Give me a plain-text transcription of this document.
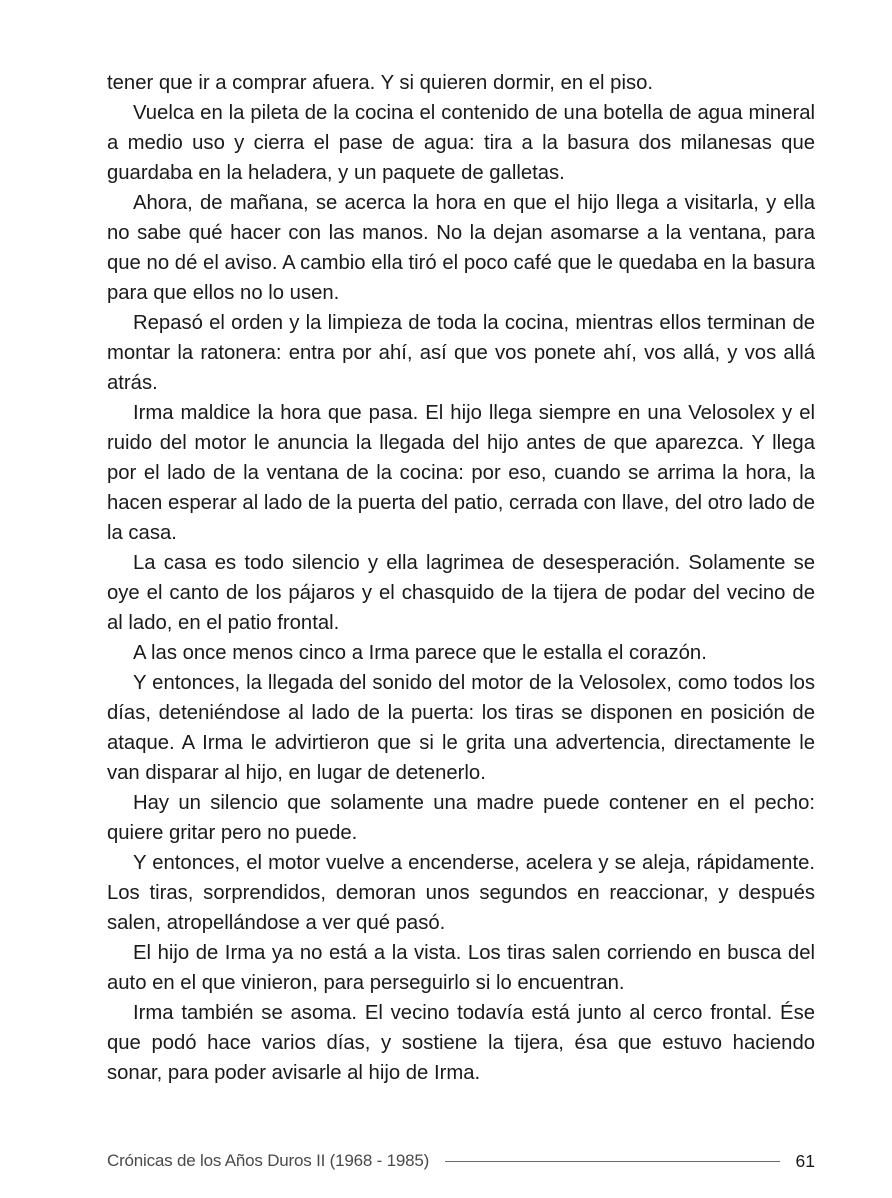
tener que ir a comprar afuera. Y si quieren dormir, en el piso.

Vuelca en la pileta de la cocina el contenido de una botella de agua mineral a medio uso y cierra el pase de agua: tira a la basura dos milanesas que guardaba en la heladera, y un paquete de galletas.

Ahora, de mañana, se acerca la hora en que el hijo llega a visitarla, y ella no sabe qué hacer con las manos. No la dejan asomarse a la ventana, para que no dé el aviso. A cambio ella tiró el poco café que le quedaba en la basura para que ellos no lo usen.

Repasó el orden y la limpieza de toda la cocina, mientras ellos terminan de montar la ratonera: entra por ahí, así que vos ponete ahí, vos allá, y vos allá atrás.

Irma maldice la hora que pasa. El hijo llega siempre en una Velosolex y el ruido del motor le anuncia la llegada del hijo antes de que aparezca. Y llega por el lado de la ventana de la cocina: por eso, cuando se arrima la hora, la hacen esperar al lado de la puerta del patio, cerrada con llave, del otro lado de la casa.

La casa es todo silencio y ella lagrimea de desesperación. Solamente se oye el canto de los pájaros y el chasquido de la tijera de podar del vecino de al lado, en el patio frontal.

A las once menos cinco a Irma parece que le estalla el corazón.

Y entonces, la llegada del sonido del motor de la Velosolex, como todos los días, deteniéndose al lado de la puerta: los tiras se disponen en posición de ataque. A Irma le advirtieron que si le grita una advertencia, directamente le van disparar al hijo, en lugar de detenerlo.

Hay un silencio que solamente una madre puede contener en el pecho: quiere gritar pero no puede.

Y entonces, el motor vuelve a encenderse, acelera y se aleja, rápidamente. Los tiras, sorprendidos, demoran unos segundos en reaccionar, y después salen, atropellándose a ver qué pasó.

El hijo de Irma ya no está a la vista. Los tiras salen corriendo en busca del auto en el que vinieron, para perseguirlo si lo encuentran.

Irma también se asoma. El vecino todavía está junto al cerco frontal. Ése que podó hace varios días, y sostiene la tijera, ésa que estuvo haciendo sonar, para poder avisarle al hijo de Irma.

Crónicas de los Años Duros II (1968 - 1985)	61
